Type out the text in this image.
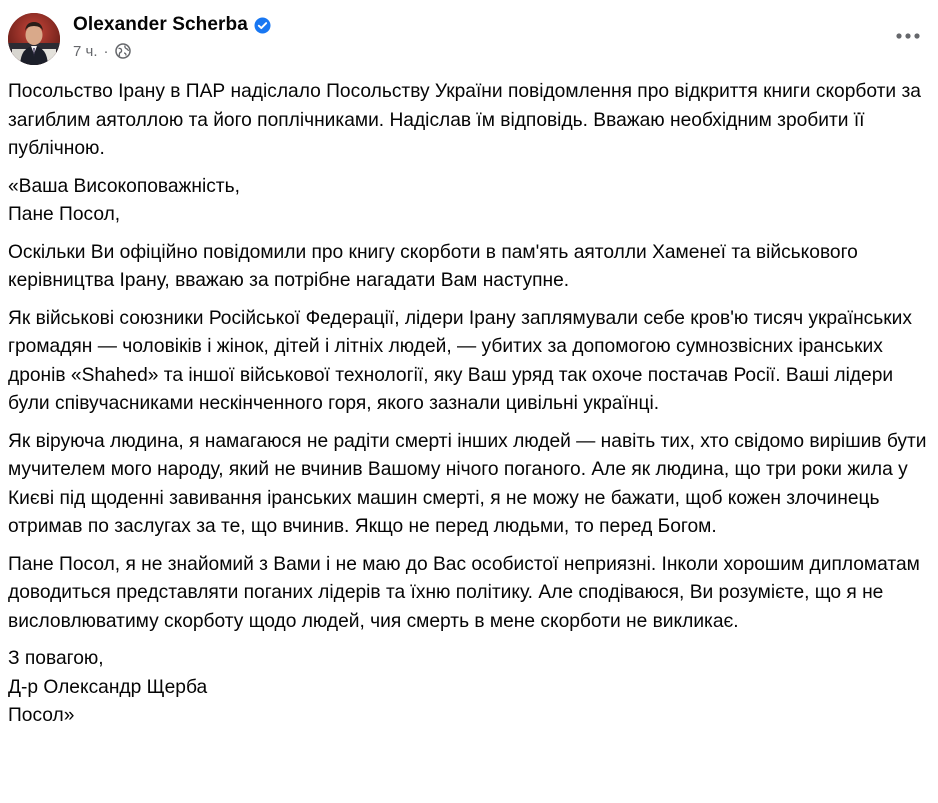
Olexander Scherba
7 ч. ·

Посольство Ірану в ПАР надіслало Посольству України повідомлення про відкриття книги скорботи за загиблим аятоллою та його поплічниками. Надіслав їм відповідь. Вважаю необхідним зробити її публічною.

«Ваша Високоповажність,
Пане Посол,

Оскільки Ви офіційно повідомили про книгу скорботи в пам'ять аятолли Хаменеї та військового керівництва Ірану, вважаю за потрібне нагадати Вам наступне.

Як військові союзники Російської Федерації, лідери Ірану заплямували себе кров'ю тисяч українських громадян — чоловіків і жінок, дітей і літніх людей, — убитих за допомогою сумнозвісних іранських дронів «Shahed» та іншої військової технології, яку Ваш уряд так охоче постачав Росії. Ваші лідери були співучасниками нескінченного горя, якого зазнали цивільні українці.

Як віруюча людина, я намагаюся не радіти смерті інших людей — навіть тих, хто свідомо вирішив бути мучителем мого народу, який не вчинив Вашому нічого поганого. Але як людина, що три роки жила у Києві під щоденні завивання іранських машин смерті, я не можу не бажати, щоб кожен злочинець отримав по заслугах за те, що вчинив. Якщо не перед людьми, то перед Богом.

Пане Посол, я не знайомий з Вами і не маю до Вас особистої неприязні. Інколи хорошим дипломатам доводиться представляти поганих лідерів та їхню політику. Але сподіваюся, Ви розумієте, що я не висловлюватиму скорботу щодо людей, чия смерть в мене скорботи не викликає.

З повагою,
Д-р Олександр Щерба
Посол»
